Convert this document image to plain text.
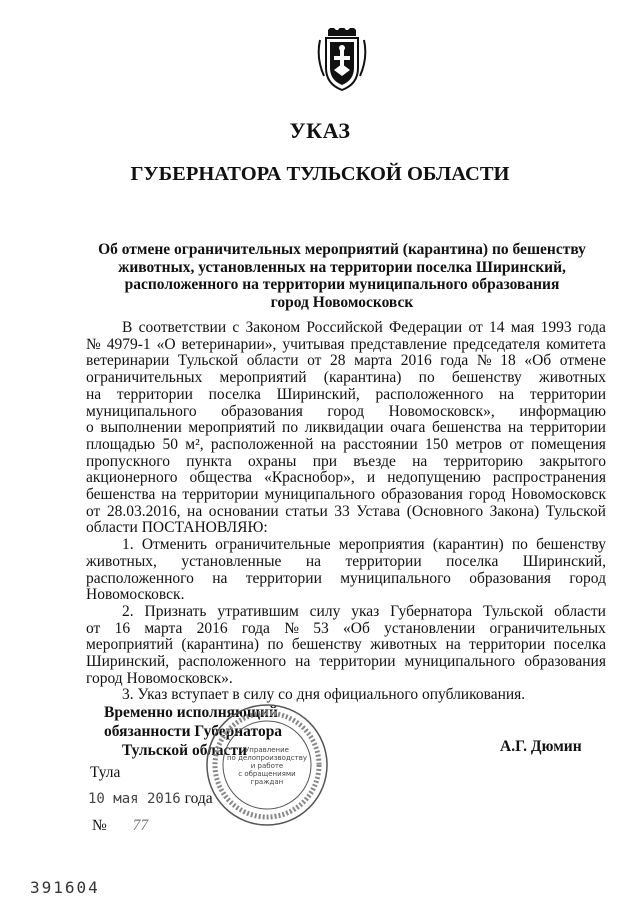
УКАЗ
ГУБЕРНАТОРА ТУЛЬСКОЙ ОБЛАСТИ
Об отмене ограничительных мероприятий (карантина) по бешенству
животных, установленных на территории поселка Ширинский,
расположенного на территории муниципального образования
город Новомосковск
В соответствии с Законом Российской Федерации от 14 мая 1993 года
№ 4979-1 «О ветеринарии», учитывая представление председателя комитета
ветеринарии Тульской области от 28 марта 2016 года № 18 «Об отмене
ограничительных мероприятий (карантина) по бешенству животных
на территории поселка Ширинский, расположенного на территории
муниципального образования город Новомосковск», информацию
о выполнении мероприятий по ликвидации очага бешенства на территории
площадью 50 м², расположенной на расстоянии 150 метров от помещения
пропускного пункта охраны при въезде на территорию закрытого
акционерного общества «Краснобор», и недопущению распространения
бешенства на территории муниципального образования город Новомосковск
от 28.03.2016, на основании статьи 33 Устава (Основного Закона) Тульской
области ПОСТАНОВЛЯЮ:
1. Отменить ограничительные мероприятия (карантин) по бешенству
животных, установленные на территории поселка Ширинский,
расположенного на территории муниципального образования город
Новомосковск.
2. Признать утратившим силу указ Губернатора Тульской области
от 16 марта 2016 года № 53 «Об установлении ограничительных
мероприятий (карантина) по бешенству животных на территории поселка
Ширинский, расположенного на территории муниципального образования
город Новомосковск».
3. Указ вступает в силу со дня официального опубликования.
Временно исполняющий
обязанности Губернатора
Тульской области	А.Г. Дюмин
Управление по делопроизводству и работе с обращениями граждан
Тула
10 мая 2016 года
№ 77
391604
